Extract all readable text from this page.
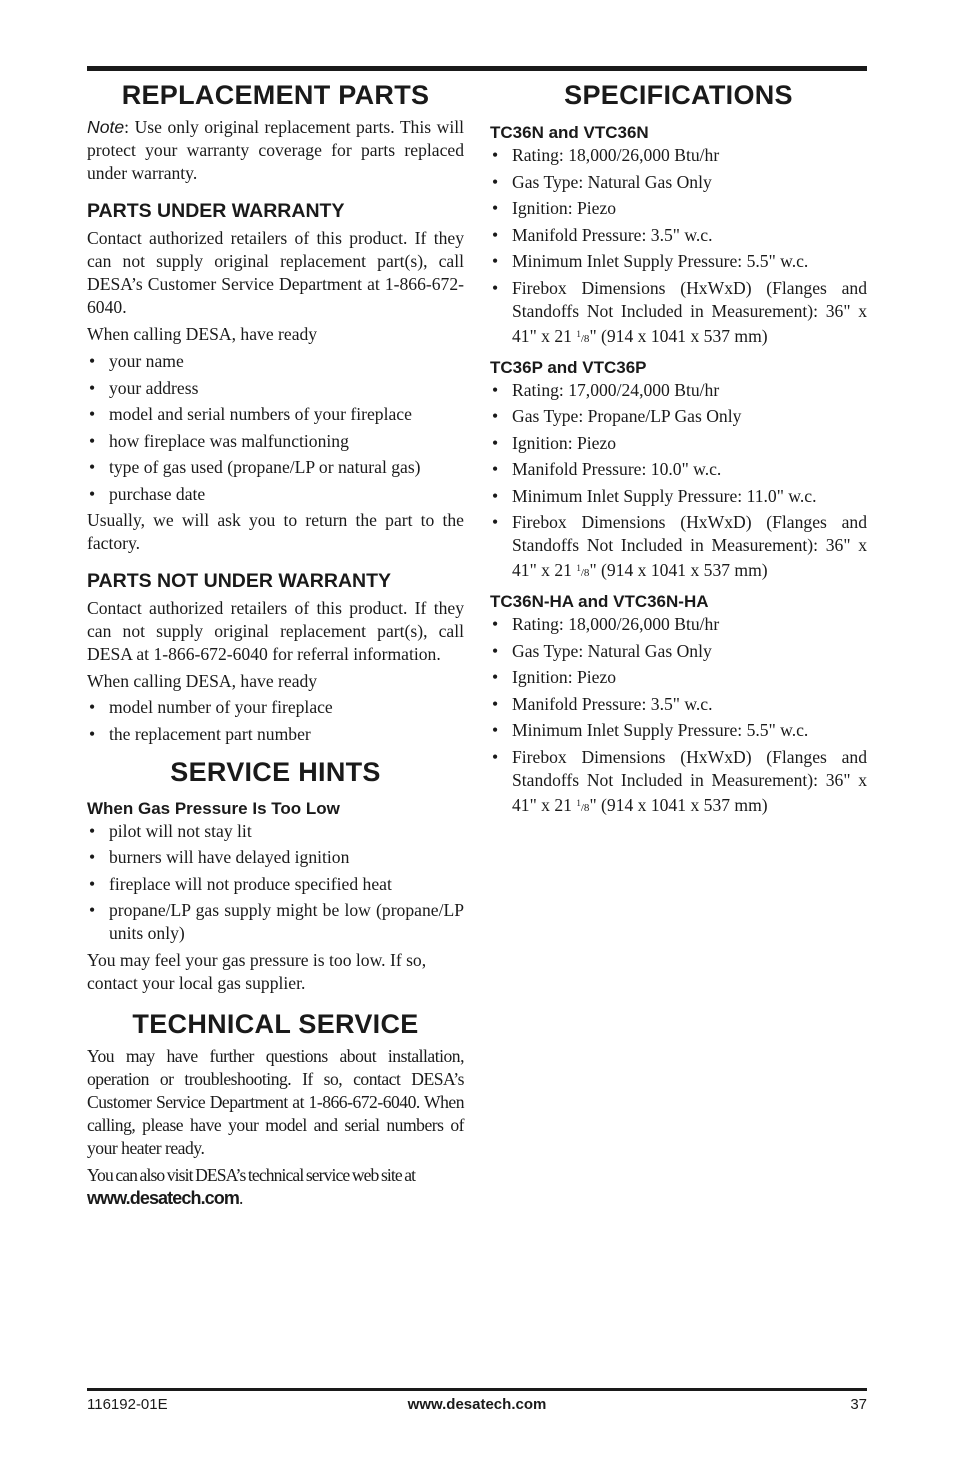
REPLACEMENT PARTS

Note: Use only original replacement parts. This will protect your warranty coverage for parts replaced under warranty.

PARTS UNDER WARRANTY

Contact authorized retailers of this product. If they can not supply original replacement part(s), call DESA’s Customer Service Department at 1-866-672-6040.

When calling DESA, have ready

• your name
• your address
• model and serial numbers of your fireplace
• how fireplace was malfunctioning
• type of gas used (propane/LP or natural gas)
• purchase date

Usually, we will ask you to return the part to the factory.

PARTS NOT UNDER WARRANTY

Contact authorized retailers of this product. If they can not supply original replacement part(s), call DESA at 1-866-672-6040 for referral information.

When calling DESA, have ready

• model number of your fireplace
• the replacement part number
SERVICE HINTS
When Gas Pressure Is Too Low
• pilot will not stay lit
• burners will have delayed ignition
• fireplace will not produce specified heat
• propane/LP gas supply might be low (propane/LP units only)

You may feel your gas pressure is too low. If so, contact your local gas supplier.

TECHNICAL SERVICE

You may have further questions about installation, operation or troubleshooting. If so, contact DESA’s Customer Service Department at 1-866-672-6040. When calling, please have your model and serial numbers of your heater ready.

You can also visit DESA’s technical service web site at
www.desatech.com.

SPECIFICATIONS
TC36N and VTC36N
• Rating: 18,000/26,000 Btu/hr
• Gas Type: Natural Gas Only
• Ignition: Piezo
• Manifold Pressure: 3.5" w.c.
• Minimum Inlet Supply Pressure: 5.5" w.c.
• Firebox Dimensions (HxWxD) (Flanges and Standoffs Not Included in Measurement): 36" x 41" x 21 $^1$/8" (914 x 1041 x 537 mm)
TC36P and VTC36P
• Rating: 17,000/24,000 Btu/hr
• Gas Type: Propane/LP Gas Only
• Ignition: Piezo
• Manifold Pressure: 10.0" w.c.
• Minimum Inlet Supply Pressure: 11.0" w.c.
• Firebox Dimensions (HxWxD) (Flanges and Standoffs Not Included in Measurement): 36" x 41" x 21 $^1$/8" (914 x 1041 x 537 mm)
TC36N-HA and VTC36N-HA
• Rating: 18,000/26,000 Btu/hr
• Gas Type: Natural Gas Only
• Ignition: Piezo
• Manifold Pressure: 3.5" w.c.
• Minimum Inlet Supply Pressure: 5.5" w.c.
• Firebox Dimensions (HxWxD) (Flanges and Standoffs Not Included in Measurement): 36" x 41" x 21 $^1$/8" (914 x 1041 x 537 mm)
116192-01E	www.desatech.com	37
